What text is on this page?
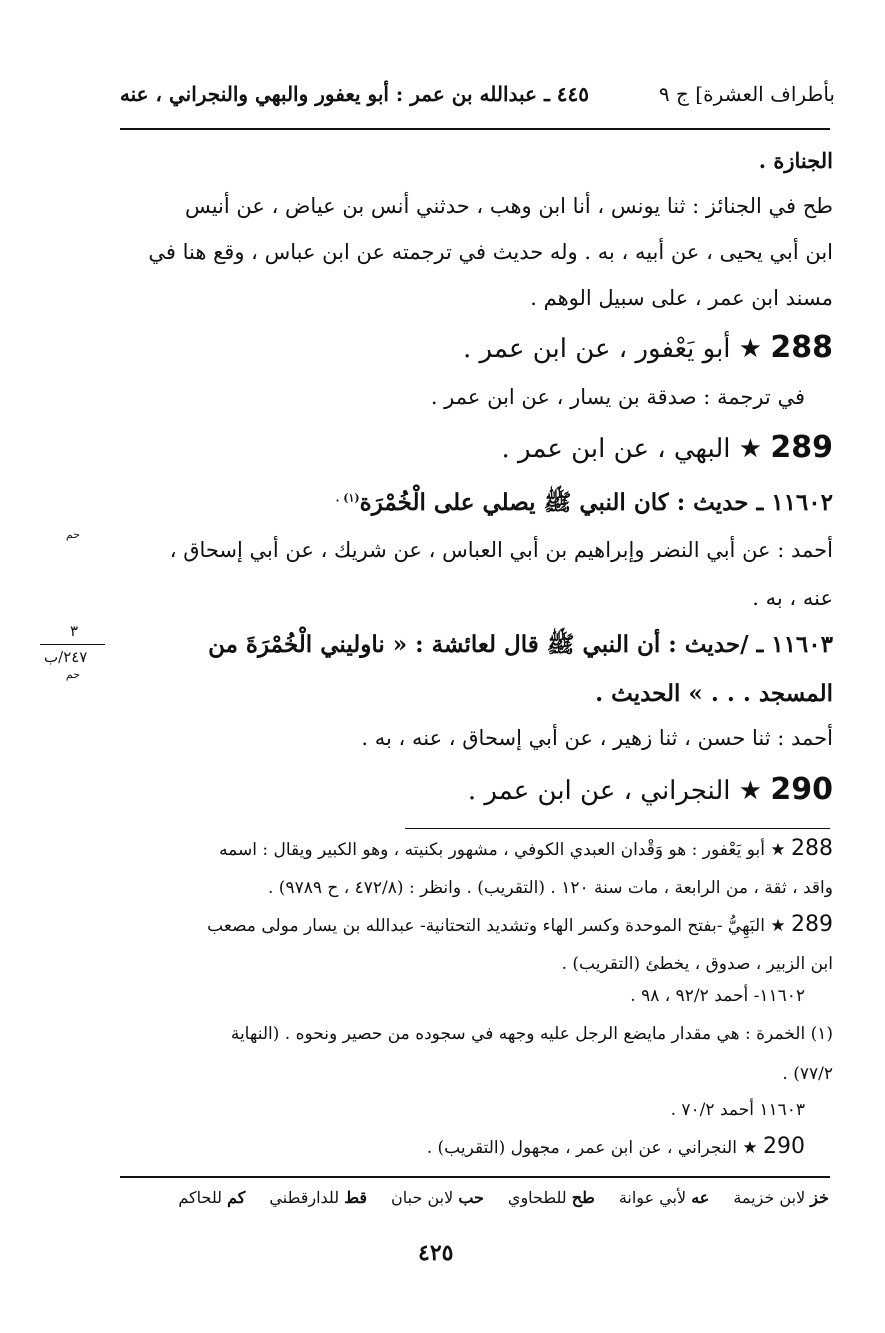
بأطراف العشرة] ج ٩
٤٤٥ ـ عبدالله بن عمر : أبو يعفور والبهي والنجراني ، عنه
الجنازة .
طح في الجنائز : ثنا يونس ، أنا ابن وهب ، حدثني أنس بن عياض ، عن أنيس
ابن أبي يحيى ، عن أبيه ، به . وله حديث في ترجمته عن ابن عباس ، وقع هنا في
مسند ابن عمر ، على سبيل الوهم .
288 ★ أبو يَعْفور ، عن ابن عمر .
في ترجمة : صدقة بن يسار ، عن ابن عمر .
289 ★ البهي ، عن ابن عمر .
١١٦٠٢ ـ حديث : كان النبي ﷺ يصلي على الْخُمْرَة$^{(١) .}$
حم
أحمد : عن أبي النضر وإبراهيم بن أبي العباس ، عن شريك ، عن أبي إسحاق ،
عنه ، به .
٣
٢٤٧/ب	١١٦٠٣ ـ /حديث : أن النبي ﷺ قال لعائشة : « ناوليني الْخُمْرَةَ من
حم
المسجد . . . » الحديث .
أحمد : ثنا حسن ، ثنا زهير ، عن أبي إسحاق ، عنه ، به .
290 ★ النجراني ، عن ابن عمر .
288 ★ أبو يَعْفور : هو وَقْدان العبدي الكوفي ، مشهور بكنيته ، وهو الكبير ويقال : اسمه
واقد ، ثقة ، من الرابعة ، مات سنة ١٢٠ . (التقريب) . وانظر : (٤٧٢/٨ ، ح ٩٧٨٩) .
289 ★ البَهِيُّ -بفتح الموحدة وكسر الهاء وتشديد التحتانية- عبدالله بن يسار مولى مصعب
ابن الزبير ، صدوق ، يخطئ (التقريب) .
١١٦٠٢- أحمد ٩٢/٢ ، ٩٨ .
(١) الخمرة : هي مقدار مايضع الرجل عليه وجهه في سجوده من حصير ونحوه . (النهاية
٧٧/٢) .
١١٦٠٣ أحمد ٧٠/٢ .
290 ★ النجراني ، عن ابن عمر ، مجهول (التقريب) .
خز لابن خزيمة
عه لأبي عوانة
طح للطحاوي
حب لابن حبان
قط للدارقطني
كم للحاكم
٤٢٥
